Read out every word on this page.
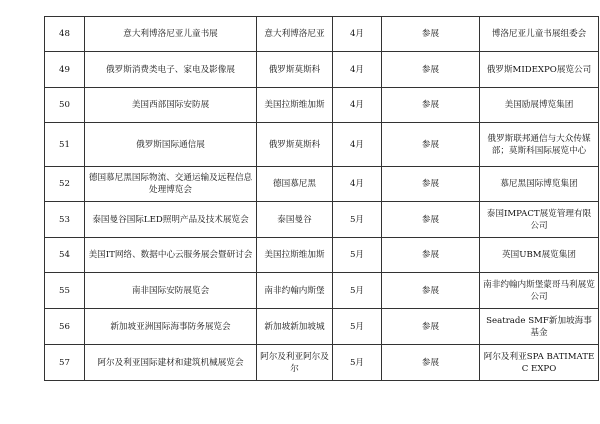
48	意大利博洛尼亚儿童书展	意大利博洛尼亚	4月	参展	博洛尼亚儿童书展组委会
49	俄罗斯消费类电子、家电及影像展	俄罗斯莫斯科	4月	参展	俄罗斯MIDEXPO展览公司
50	美国西部国际安防展	美国拉斯维加斯	4月	参展	美国励展博览集团
51	俄罗斯国际通信展	俄罗斯莫斯科	4月	参展	俄罗斯联邦通信与大众传媒部；莫斯科国际展览中心
52	德国慕尼黑国际物流、交通运输及远程信息处理博览会	德国慕尼黑	4月	参展	慕尼黑国际博览集团
53	泰国曼谷国际LED照明产品及技术展览会	泰国曼谷	5月	参展	泰国IMPACT展览管理有限公司
54	美国IT网络、数据中心云服务展会暨研讨会	美国拉斯维加斯	5月	参展	英国UBM展览集团
55	南非国际安防展览会	南非约翰内斯堡	5月	参展	南非约翰内斯堡蒙哥马利展览公司
56	新加坡亚洲国际海事防务展览会	新加坡新加坡城	5月	参展	Seatrade SMF新加坡海事基金
57	阿尔及利亚国际建材和建筑机械展览会	阿尔及利亚阿尔及尔	5月	参展	阿尔及利亚SPA BATIMATEC EXPO
